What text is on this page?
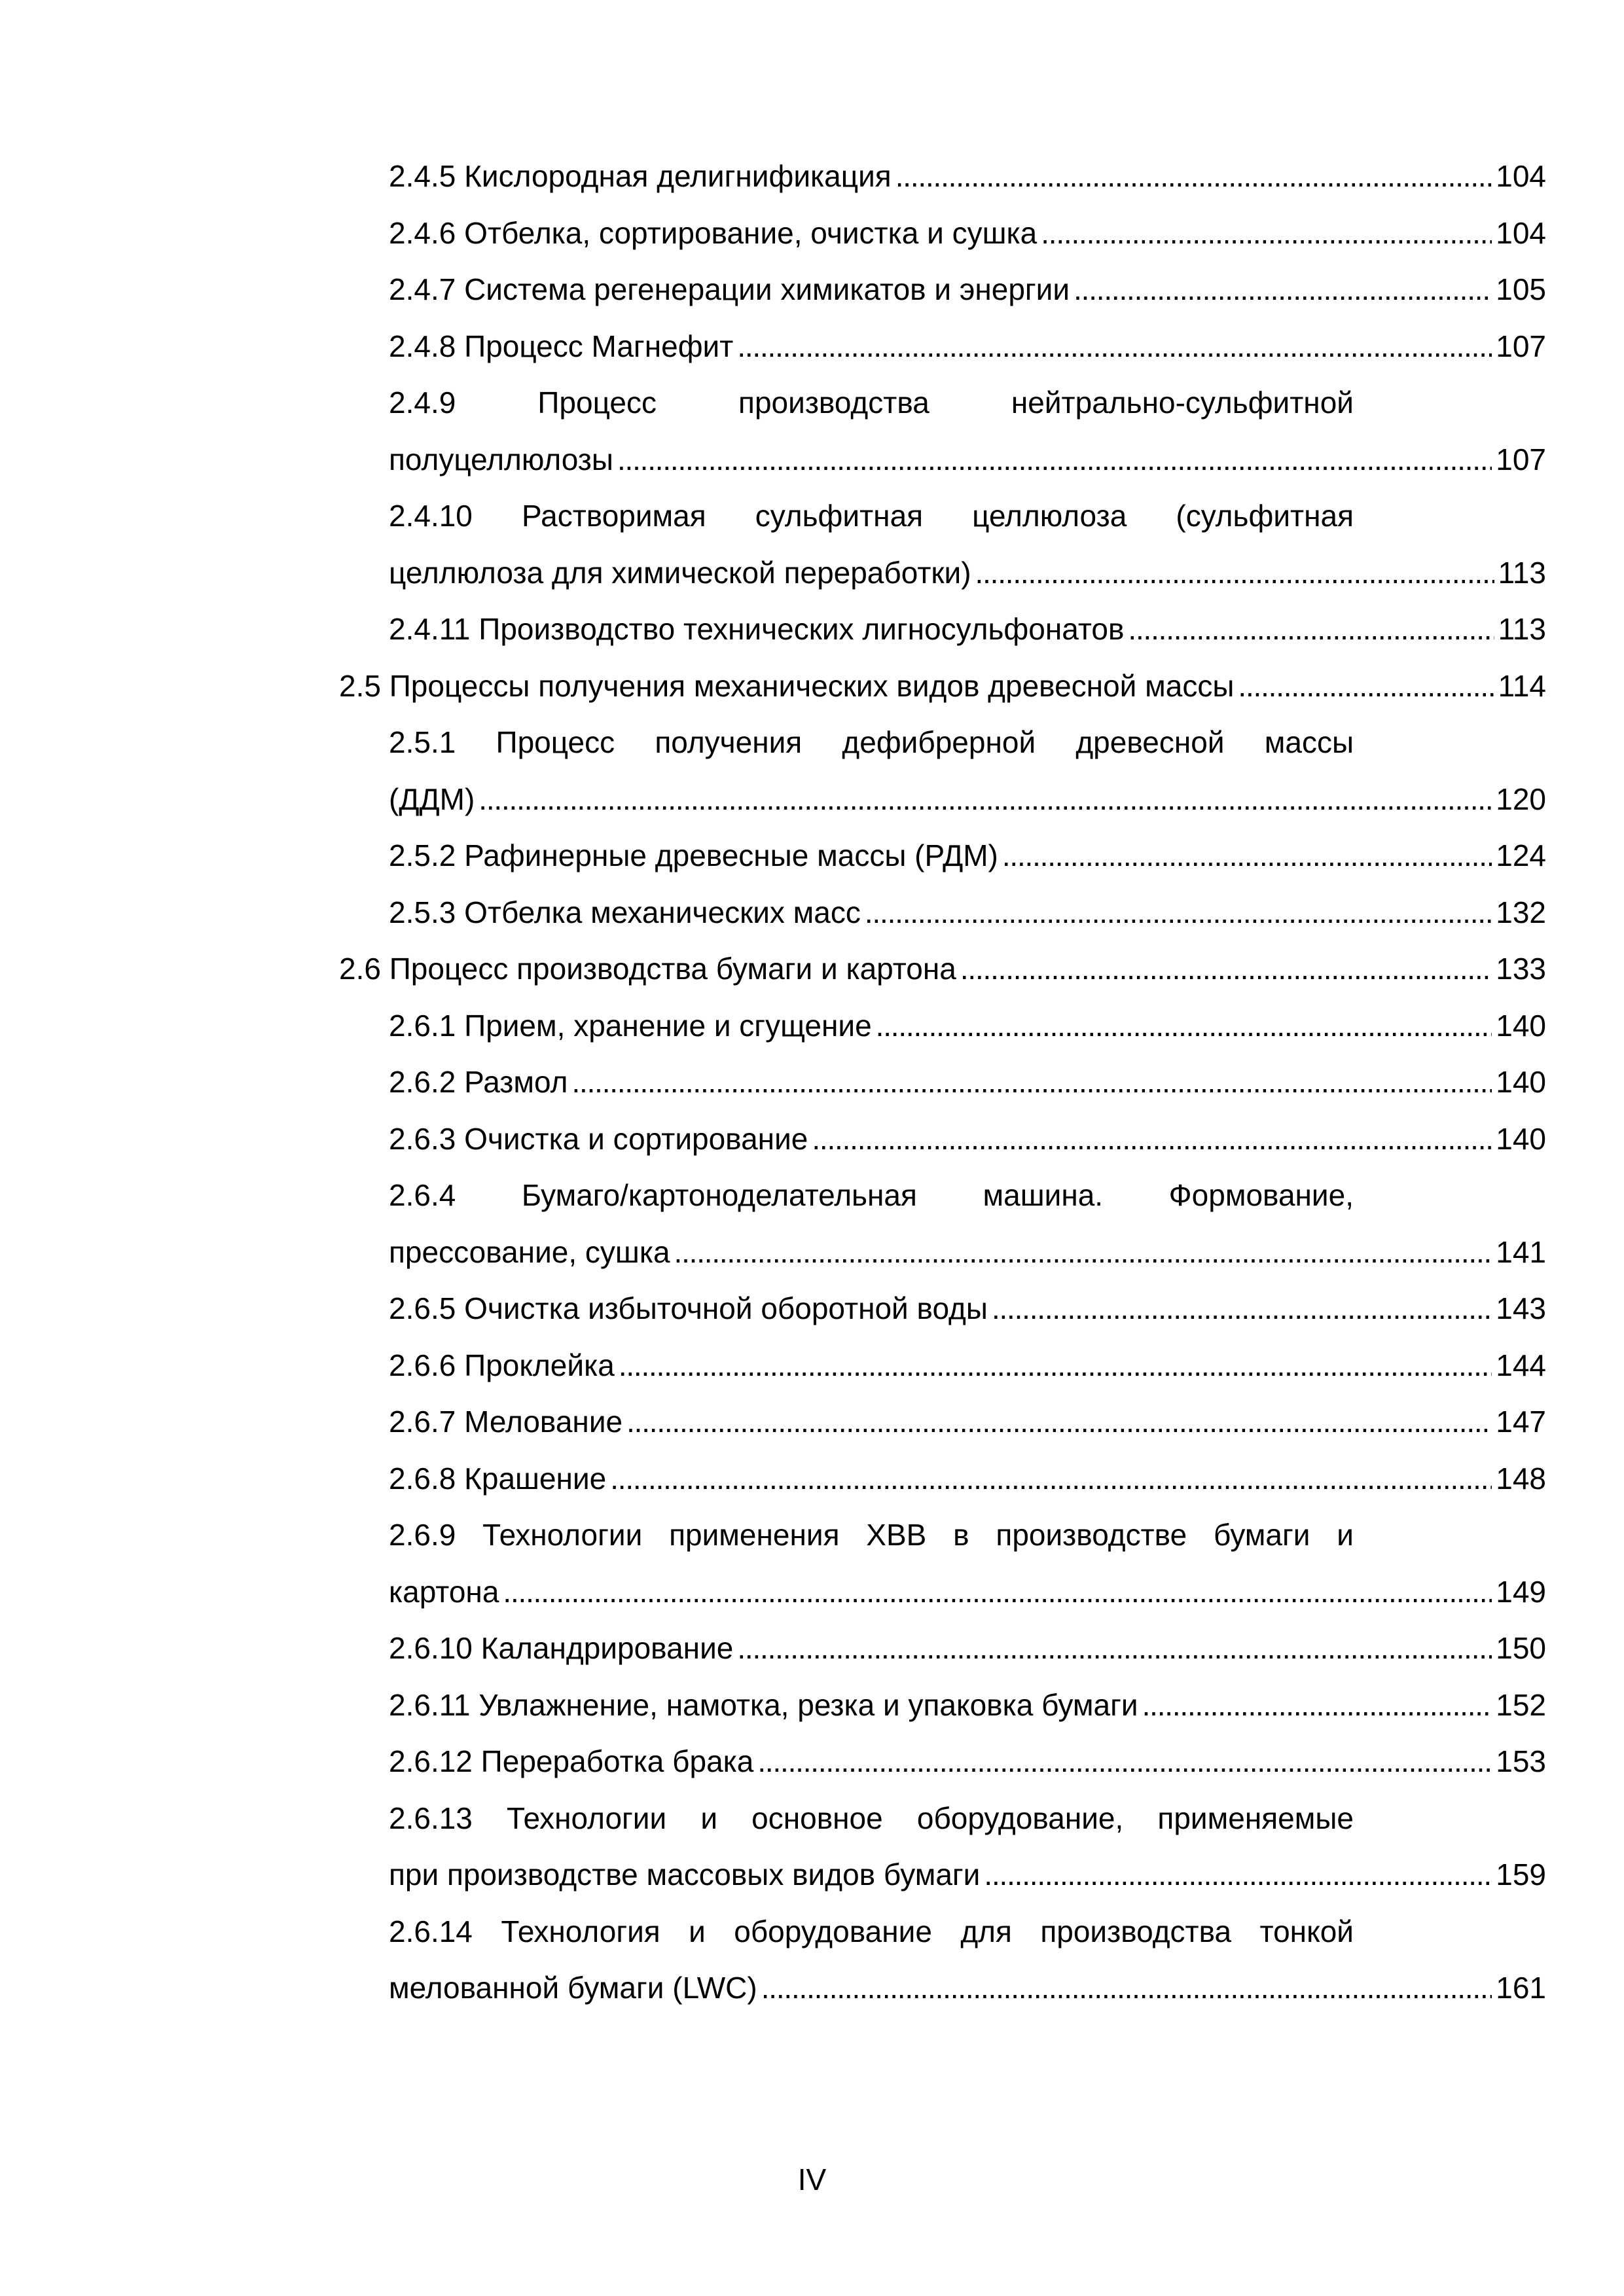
2.4.5 Кислородная делигнификация . . .	104
2.4.6 Отбелка, сортирование, очистка и сушка . . .	104
2.4.7 Система регенерации химикатов и энергии . . .	105
2.4.8 Процесс Магнефит . . .	107
2.4.9 Процесс производства нейтрально-сульфитной
полуцеллюлозы . . .	107
2.4.10 Растворимая сульфитная целлюлоза (сульфитная
целлюлоза для химической переработки) . . .	113
2.4.11 Производство технических лигносульфонатов . . .	113
2.5 Процессы получения механических видов древесной массы . . .	114
2.5.1 Процесс получения дефибрерной древесной массы
(ДДМ) . . .	120
2.5.2 Рафинерные древесные массы (РДМ) . . .	124
2.5.3 Отбелка механических масс . . .	132
2.6 Процесс производства бумаги и картона . . .	133
2.6.1 Прием, хранение и сгущение . . .	140
2.6.2 Размол . . .	140
2.6.3 Очистка и сортирование . . .	140
2.6.4 Бумаго/картоноделательная машина. Формование,
прессование, сушка . . .	141
2.6.5 Очистка избыточной оборотной воды . . .	143
2.6.6 Проклейка . . .	144
2.6.7 Мелование . . .	147
2.6.8 Крашение . . .	148
2.6.9 Технологии применения ХВВ в производстве бумаги и
картона . . .	149
2.6.10 Каландрирование . . .	150
2.6.11 Увлажнение, намотка, резка и упаковка бумаги . . .	152
2.6.12 Переработка брака . . .	153
2.6.13 Технологии и основное оборудование, применяемые
при производстве массовых видов бумаги . . .	159
2.6.14 Технология и оборудование для производства тонкой
мелованной бумаги (LWC) . . .	161
IV
